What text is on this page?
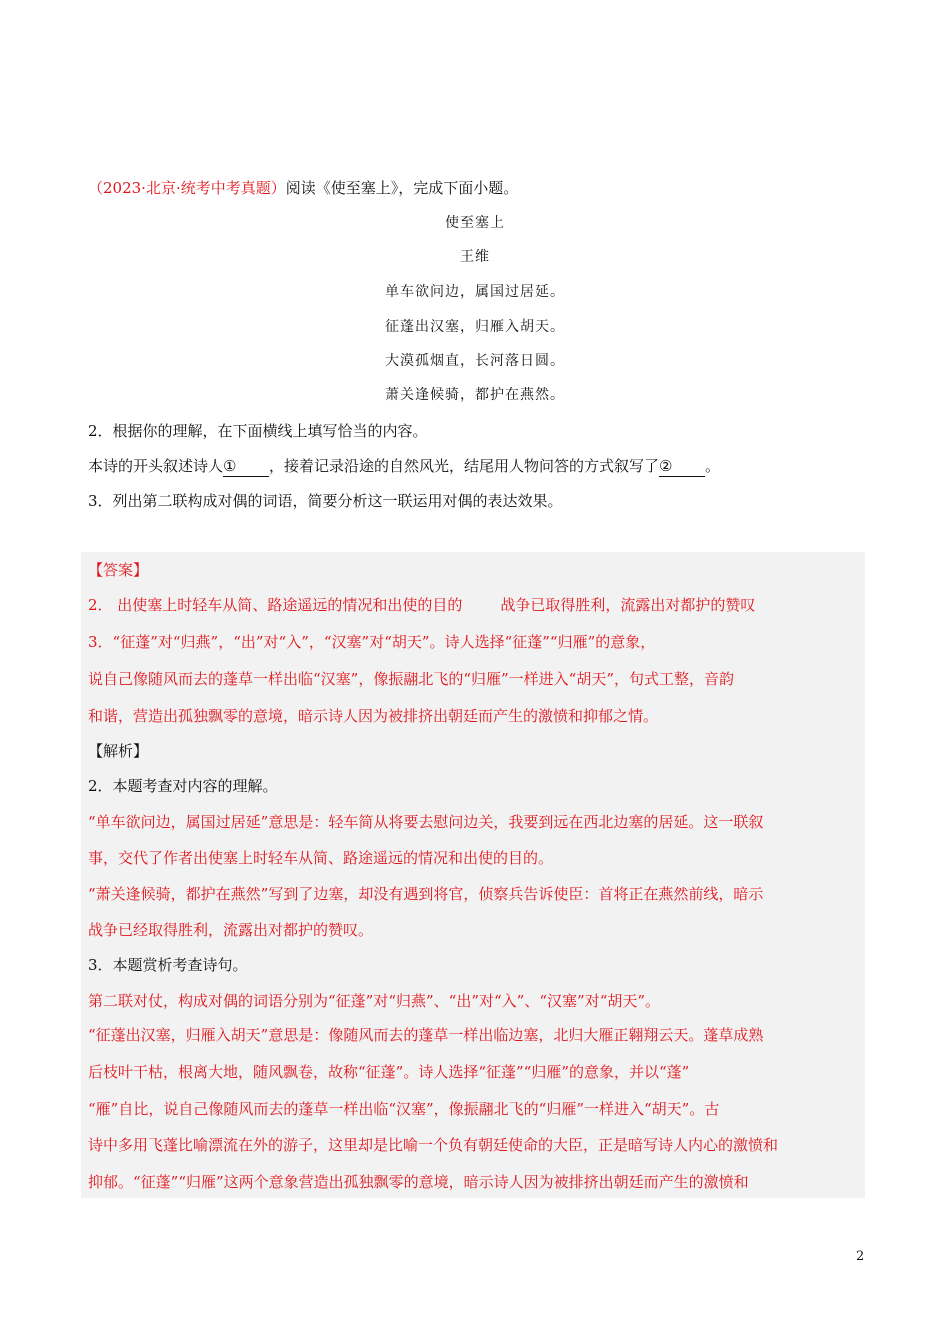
（2023·北京·统考中考真题）阅读《使至塞上》，完成下面小题。
使至塞上
王维
单车欲问边，属国过居延。
征蓬出汉塞，归雁入胡天。
大漠孤烟直，长河落日圆。
萧关逢候骑，都护在燕然。
2．根据你的理解，在下面横线上填写恰当的内容。
本诗的开头叙述诗人① ，接着记录沿途的自然风光，结尾用人物问答的方式叙写了② 。
3．列出第二联构成对偶的词语，简要分析这一联运用对偶的表达效果。
【答案】
2． 出使塞上时轻车从简、路途遥远的情况和出使的目的	战争已取得胜利，流露出对都护的赞叹
3．“征蓬”对“归燕”，“出”对“入”，“汉塞”对“胡天”。诗人选择“征蓬”“归雁”的意象，
说自己像随风而去的蓬草一样出临“汉塞”，像振翮北飞的“归雁”一样进入“胡天”，句式工整，音韵
和谐，营造出孤独飘零的意境，暗示诗人因为被排挤出朝廷而产生的激愤和抑郁之情。
【解析】
2．本题考查对内容的理解。
“单车欲问边，属国过居延”意思是：轻车简从将要去慰问边关，我要到远在西北边塞的居延。这一联叙
事，交代了作者出使塞上时轻车从简、路途遥远的情况和出使的目的。
“萧关逢候骑，都护在燕然”写到了边塞，却没有遇到将官，侦察兵告诉使臣：首将正在燕然前线，暗示
战争已经取得胜利，流露出对都护的赞叹。
3．本题赏析考查诗句。
第二联对仗，构成对偶的词语分别为“征蓬”对“归燕”、“出”对“入”、“汉塞”对“胡天”。
“征蓬出汉塞，归雁入胡天”意思是：像随风而去的蓬草一样出临边塞，北归大雁正翱翔云天。蓬草成熟
后枝叶干枯，根离大地，随风飘卷，故称“征蓬”。诗人选择“征蓬”“归雁”的意象，并以“蓬”
“雁”自比，说自己像随风而去的蓬草一样出临“汉塞”，像振翮北飞的“归雁”一样进入“胡天”。古
诗中多用飞蓬比喻漂流在外的游子，这里却是比喻一个负有朝廷使命的大臣，正是暗写诗人内心的激愤和
抑郁。“征蓬”“归雁”这两个意象营造出孤独飘零的意境，暗示诗人因为被排挤出朝廷而产生的激愤和
2
